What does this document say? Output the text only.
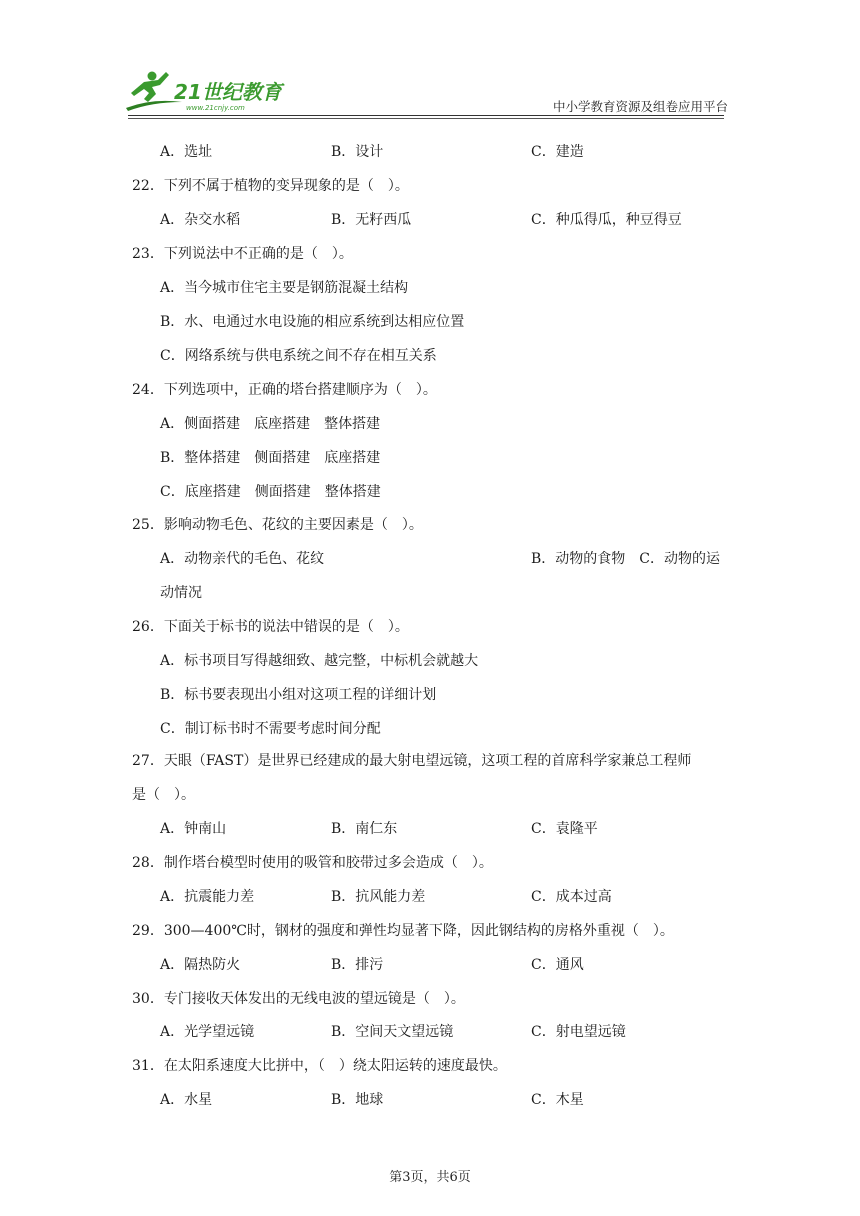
21世纪教育
www.21cnjy.com	中小学教育资源及组卷应用平台
A．选址	B．设计	C．建造
22．下列不属于植物的变异现象的是（　）。
A．杂交水稻	B．无籽西瓜	C．种瓜得瓜，种豆得豆
23．下列说法中不正确的是（　）。
A．当今城市住宅主要是钢筋混凝土结构
B．水、电通过水电设施的相应系统到达相应位置
C．网络系统与供电系统之间不存在相互关系
24．下列选项中，正确的塔台搭建顺序为（　）。
A．侧面搭建　底座搭建　整体搭建
B．整体搭建　侧面搭建　底座搭建
C．底座搭建　侧面搭建　整体搭建
25．影响动物毛色、花纹的主要因素是（　）。
A．动物亲代的毛色、花纹	B．动物的食物　C．动物的运
动情况
26．下面关于标书的说法中错误的是（　）。
A．标书项目写得越细致、越完整，中标机会就越大
B．标书要表现出小组对这项工程的详细计划
C．制订标书时不需要考虑时间分配
27．天眼（FAST）是世界已经建成的最大射电望远镜，这项工程的首席科学家兼总工程师
是（　）。
A．钟南山	B．南仁东	C．袁隆平
28．制作塔台模型时使用的吸管和胶带过多会造成（　）。
A．抗震能力差	B．抗风能力差	C．成本过高
29．300—400℃时，钢材的强度和弹性均显著下降，因此钢结构的房格外重视（　）。
A．隔热防火	B．排污	C．通风
30．专门接收天体发出的无线电波的望远镜是（　）。
A．光学望远镜	B．空间天文望远镜	C．射电望远镜
31．在太阳系速度大比拼中，（　）绕太阳运转的速度最快。
A．水星	B．地球	C．木星
第3页，共6页
